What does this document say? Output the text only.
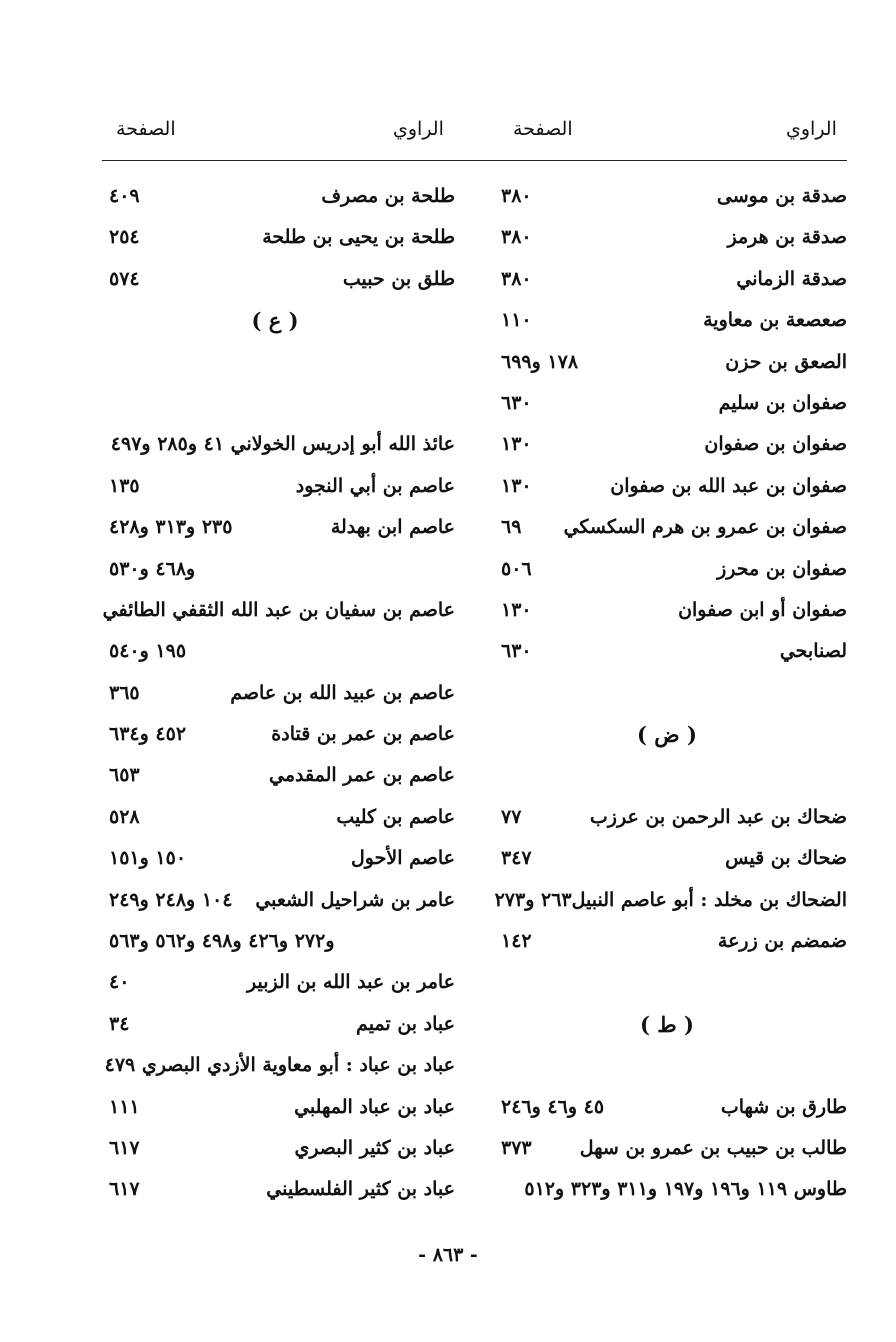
الراوي
الصفحة
الراوي
الصفحة
صدقة بن موسى
٣٨٠
صدقة بن هرمز
٣٨٠
صدقة الزماني
٣٨٠
صعصعة بن معاوية
١١٠
الصعق بن حزن
١٧٨ و٦٩٩
صفوان بن سليم
٦٣٠
صفوان بن صفوان
١٣٠
صفوان بن عبد الله بن صفوان
١٣٠
صفوان بن عمرو بن هرم السكسكي
٦٩
صفوان بن محرز
٥٠٦
صفوان أو ابن صفوان
١٣٠
لصنابحي
٦٣٠
( ض )
ضحاك بن عبد الرحمن بن عرزب
٧٧
ضحاك بن قيس
٣٤٧
الضحاك بن مخلد : أبو عاصم النبيل٢٦٣ و٢٧٣
ضمضم بن زرعة
١٤٢
( ط )
طارق بن شهاب
٤٥ و٤٦ و٢٤٦
طالب بن حبيب بن عمرو بن سهل
٣٧٣
طاوس ١١٩ و١٩٦ و١٩٧ و٣١١ و٣٢٣ و٥١٢
طلحة بن مصرف
٤٠٩
طلحة بن يحيى بن طلحة
٢٥٤
طلق بن حبيب
٥٧٤
( ع )
عائذ الله أبو إدريس الخولاني ٤١ و٢٨٥ و٤٩٧
عاصم بن أبي النجود
١٣٥
عاصم ابن بهدلة
٢٣٥ و٣١٣ و٤٢٨
و٤٦٨ و٥٣٠
عاصم بن سفيان بن عبد الله الثقفي الطائفي
١٩٥ و٥٤٠
عاصم بن عبيد الله بن عاصم
٣٦٥
عاصم بن عمر بن قتادة
٤٥٢ و٦٣٤
عاصم بن عمر المقدمي
٦٥٣
عاصم بن كليب
٥٢٨
عاصم الأحول
١٥٠ و١٥١
عامر بن شراحيل الشعبي
١٠٤ و٢٤٨ و٢٤٩
و٢٧٢ و٤٢٦ و٤٩٨ و٥٦٢ و٥٦٣
عامر بن عبد الله بن الزبير
٤٠
عباد بن تميم
٣٤
عباد بن عباد : أبو معاوية الأزدي البصري ٤٧٩
عباد بن عباد المهلبي
١١١
عباد بن كثير البصري
٦١٧
عباد بن كثير الفلسطيني
٦١٧
- ٨٦٣ -
